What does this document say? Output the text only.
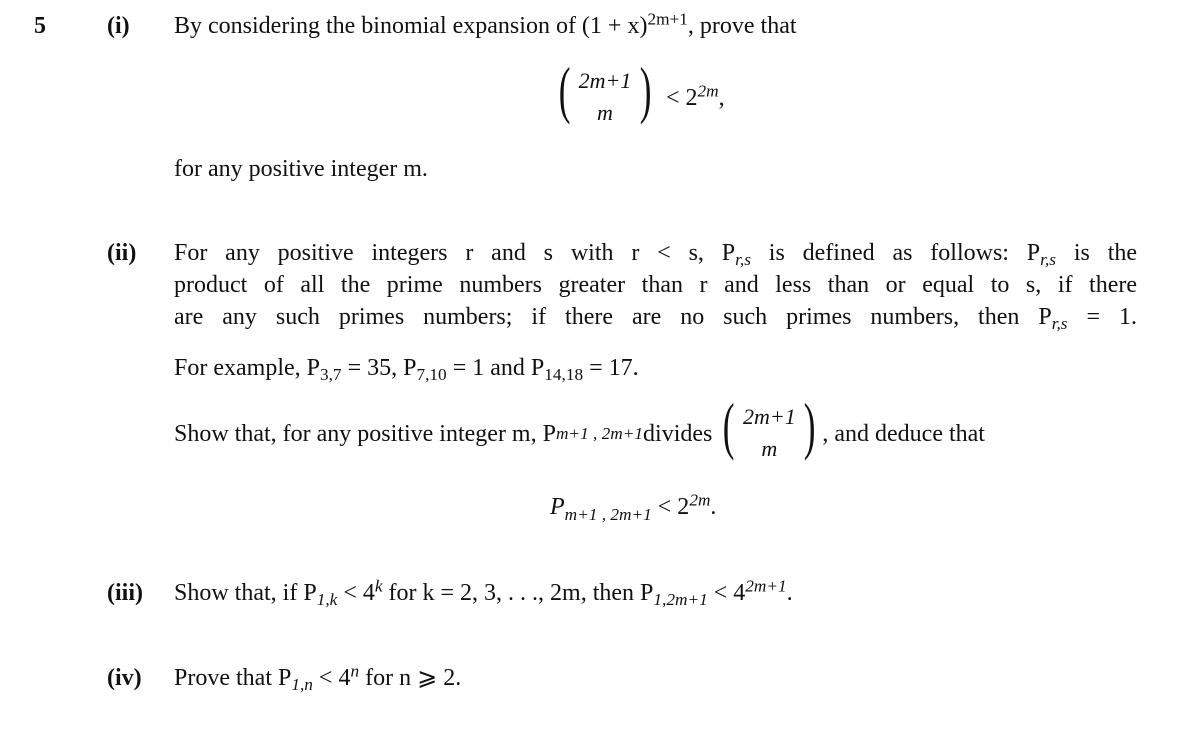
5	(i) By considering the binomial expansion of $(1 + x)^{2m+1}$, prove that
( 2m+1
m ) < $2^{2m}$,
for any positive integer m.
(ii) For any positive integers r and s with r < s, $P_{r,s}$ is defined as follows: $P_{r,s}$ is the
product of all the prime numbers greater than r and less than or equal to s, if there
are any such primes numbers; if there are no such primes numbers, then $P_{r,s} = 1$.
For example, $P_{3,7} = 35$, $P_{7,10} = 1$ and $P_{14,18} = 17$.
Show that, for any positive integer m, P m+1 , 2m+1 divides ( 2m+1
m ) , and deduce that
$P_{m+1 , 2m+1} < 2^{2m}$.
(iii) Show that, if $P_{1,k} < 4^k$ for k = 2, 3, . . ., 2m, then $P_{1,2m+1} < 4^{2m+1}$.
(iv) Prove that $P_{1,n} < 4^n$ for n ⩾ 2.
